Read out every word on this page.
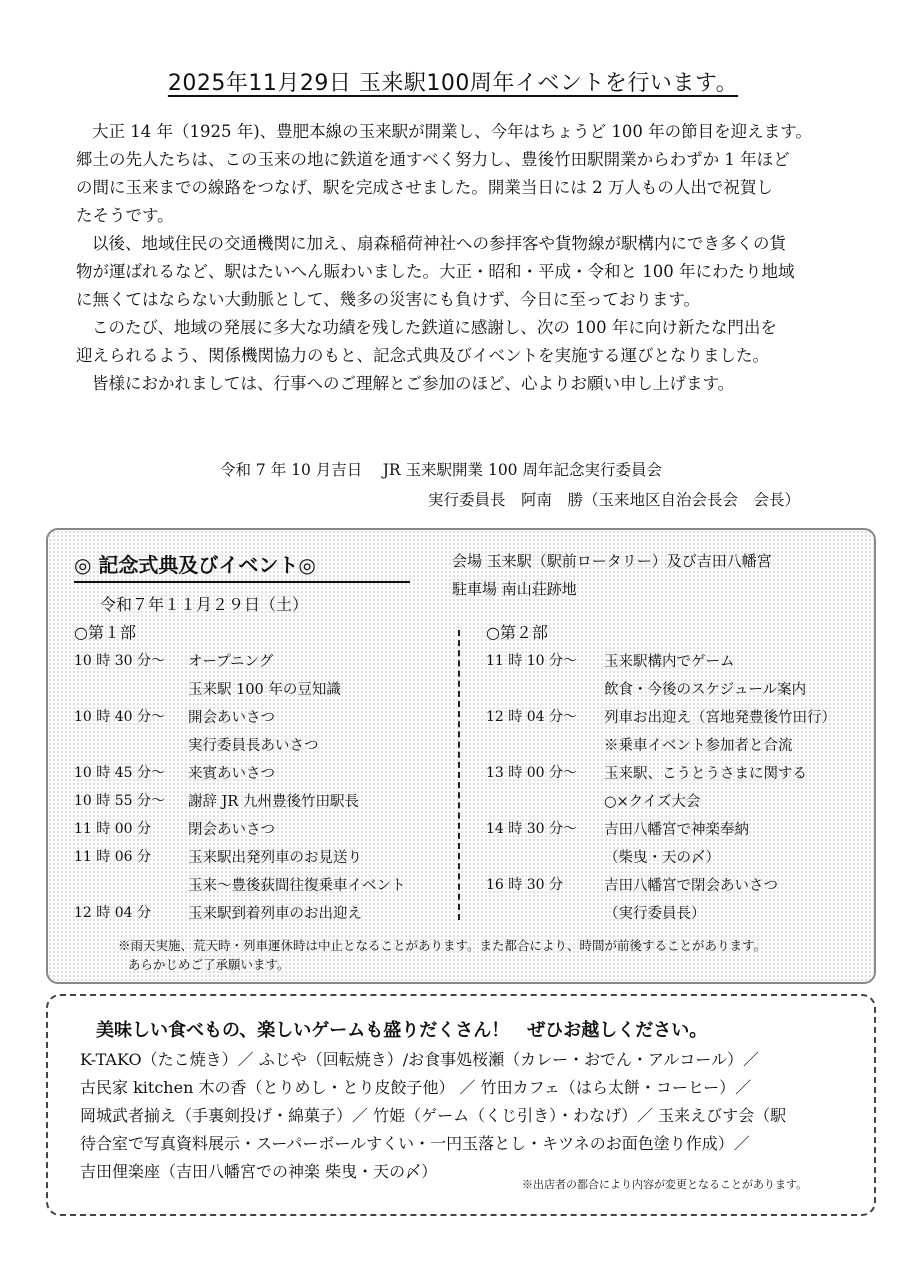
2025年11月29日 玉来駅100周年イベントを行います。

大正 14 年（1925 年)、豊肥本線の玉来駅が開業し、今年はちょうど 100 年の節目を迎えます。

郷土の先人たちは、この玉来の地に鉄道を通すべく努力し、豊後竹田駅開業からわずか 1 年ほど

の間に玉来までの線路をつなげ、駅を完成させました。開業当日には 2 万人もの人出で祝賀し

たそうです。

以後、地域住民の交通機関に加え、扇森稲荷神社への参拝客や貨物線が駅構内にでき多くの貨

物が運ばれるなど、駅はたいへん賑わいました。大正・昭和・平成・令和と 100 年にわたり地域

に無くてはならない大動脈として、幾多の災害にも負けず、今日に至っております。

このたび、地域の発展に多大な功績を残した鉄道に感謝し、次の 100 年に向け新たな門出を

迎えられるよう、関係機関協力のもと、記念式典及びイベントを実施する運びとなりました。

皆様におかれましては、行事へのご理解とご参加のほど、心よりお願い申し上げます。

令和 7 年 10 月吉日　 JR 玉来駅開業 100 周年記念実行委員会
実行委員長　阿南　勝（玉来地区自治会長会　会長）
◎ 記念式典及びイベント◎	会場 玉来駅（駅前ロータリー）及び吉田八幡宮
駐車場 南山荘跡地
令和７年１１月２９日（土）
○第１部	○第２部
10 時 30 分～ オープニング
玉来駅 100 年の豆知識
10 時 40 分～ 開会あいさつ
実行委員長あいさつ
10 時 45 分～ 来賓あいさつ
10 時 55 分～ 謝辞 JR 九州豊後竹田駅長
11 時 00 分	閉会あいさつ
11 時 06 分	玉来駅出発列車のお見送り
玉来～豊後荻間往復乗車イベント
12 時 04 分	玉来駅到着列車のお出迎え
11 時 10 分～ 玉来駅構内でゲーム
飲食・今後のスケジュール案内
12 時 04 分～ 列車お出迎え（宮地発豊後竹田行）
※乗車イベント参加者と合流
13 時 00 分～ 玉来駅、こうとうさまに関する
○×クイズ大会
14 時 30 分～ 吉田八幡宮で神楽奉納
（柴曳・天の〆）
16 時 30 分	吉田八幡宮で閉会あいさつ
（実行委員長）
※雨天実施、荒天時・列車運休時は中止となることがあります。また都合により、時間が前後することがあります。
あらかじめご了承願います。
美味しい食べもの、楽しいゲームも盛りだくさん！　ぜひお越しください。
K-TAKO（たこ焼き）／ ふじや（回転焼き）/お食事処桜瀬（カレー・おでん・アルコール）／
古民家 kitchen 木の香（とりめし・とり皮餃子他） ／ 竹田カフェ（はら太餅・コーヒー）／
岡城武者揃え（手裏剣投げ・綿菓子）／ 竹姫（ゲーム（くじ引き）・わなげ）／ 玉来えびす会（駅
待合室で写真資料展示・スーパーボールすくい・一円玉落とし・キツネのお面色塗り作成）／
吉田俚楽座（吉田八幡宮での神楽 柴曳・天の〆）
※出店者の都合により内容が変更となることがあります。
